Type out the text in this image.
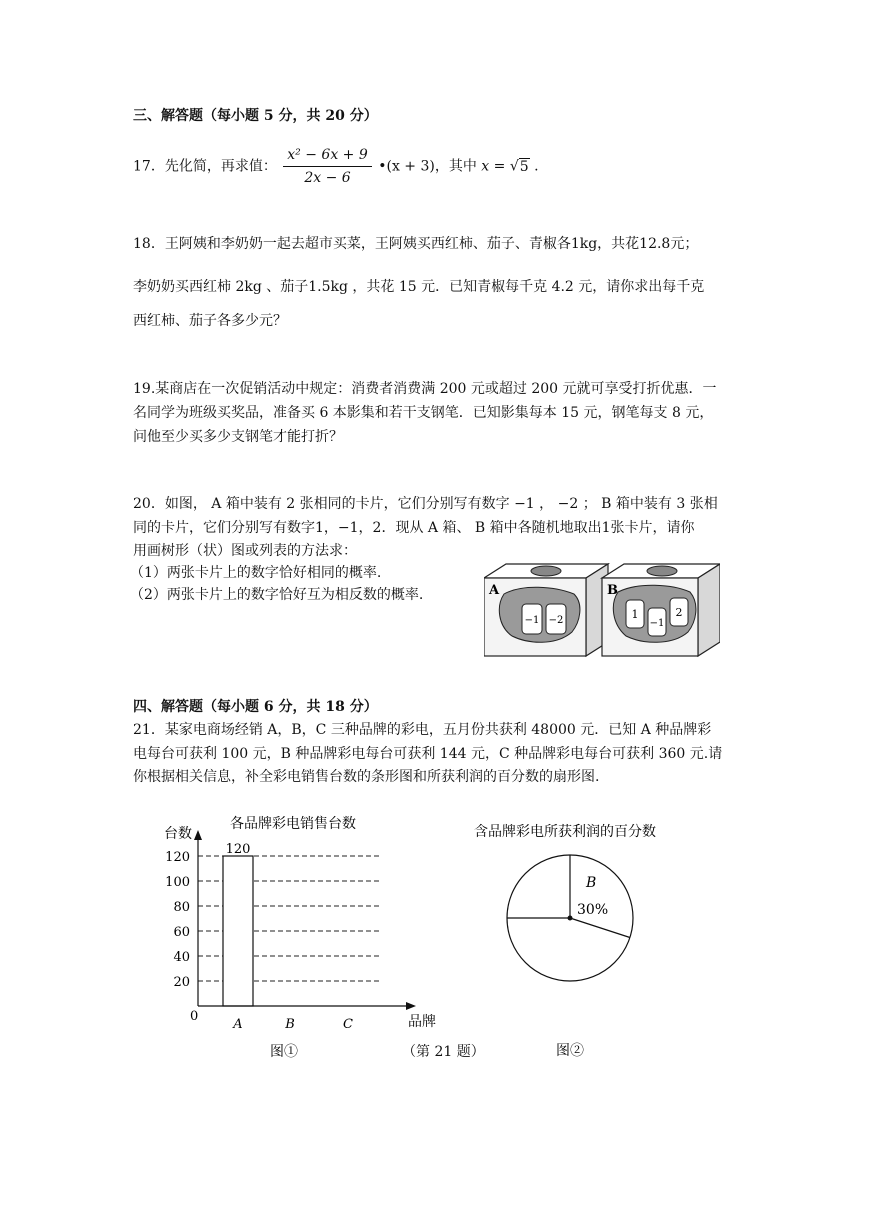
三、解答题（每小题 5 分，共 20 分）
17．先化简，再求值： $\frac{\text{x² − 6x + 9}}{2x - 6}$ •(x + 3)，其中 x = √5 .
18．王阿姨和李奶奶一起去超市买菜，王阿姨买西红柿、茄子、青椒各1kg，共花12.8元；
李奶奶买西红柿 2kg 、茄子1.5kg ，共花 15 元．已知青椒每千克 4.2 元，请你求出每千克
西红柿、茄子各多少元？
19.某商店在一次促销活动中规定：消费者消费满 200 元或超过 200 元就可享受打折优惠．一
名同学为班级买奖品，准备买 6 本影集和若干支钢笔．已知影集每本 15 元，钢笔每支 8 元，
问他至少买多少支钢笔才能打折？
20．如图， A 箱中装有 2 张相同的卡片，它们分别写有数字 −1 ， −2 ； B 箱中装有 3 张相
同的卡片，它们分别写有数字1，−1，2．现从 A 箱、 B 箱中各随机地取出1张卡片，请你
用画树形（状）图或列表的方法求：
（1）两张卡片上的数字恰好相同的概率.
（2）两张卡片上的数字恰好互为相反数的概率.	A
−1 −2
B
1
−1
2
四、解答题（每小题 6 分，共 18 分）
21．某家电商场经销 A，B，C 三种品牌的彩电，五月份共获利 48000 元．已知 A 种品牌彩
电每台可获利 100 元，B 种品牌彩电每台可获利 144 元，C 种品牌彩电每台可获利 360 元.请
你根据相关信息，补全彩电销售台数的条形图和所获利润的百分数的扇形图.
各品牌彩电销售台数
台数
品牌
0
图①
20
40
60
80
100
120
A
120
B	C
（第 21 题）
含品牌彩电所获利润的百分数
B
30%
图②
